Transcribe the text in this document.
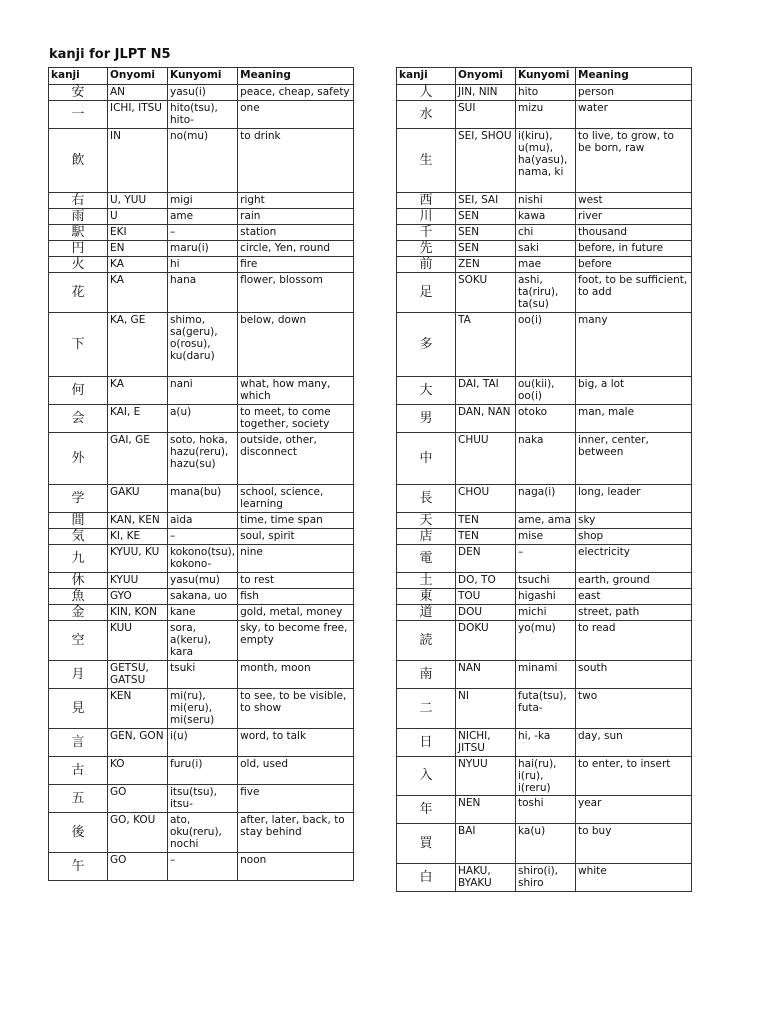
kanji for JLPT N5
kanji	Onyomi	Kunyomi	Meaning
安	AN	yasu(i)	peace, cheap, safety
一	ICHI, ITSU	hito(tsu), hito-	one
飲	IN	no(mu)	to drink
右	U, YUU	migi	right
雨	U	ame	rain
駅	EKI	–	station
円	EN	maru(i)	circle, Yen, round
火	KA	hi	fire
花	KA	hana	flower, blossom
下	KA, GE	shimo, sa(geru), o(rosu), ku(daru)	below, down
何	KA	nani	what, how many, which
会	KAI, E	a(u)	to meet, to come together, society
外	GAI, GE	soto, hoka, hazu(reru), hazu(su)	outside, other, disconnect
学	GAKU	mana(bu)	school, science, learning
間	KAN, KEN	aida	time, time span
気	KI, KE	–	soul, spirit
九	KYUU, KU	kokono(tsu), kokono-	nine
休	KYUU	yasu(mu)	to rest
魚	GYO	sakana, uo	fish
金	KIN, KON	kane	gold, metal, money
空	KUU	sora, a(keru), kara	sky, to become free, empty
月	GETSU, GATSU	tsuki	month, moon
見	KEN	mi(ru), mi(eru), mi(seru)	to see, to be visible, to show
言	GEN, GON	i(u)	word, to talk
古	KO	furu(i)	old, used
五	GO	itsu(tsu), itsu-	five
後	GO, KOU	ato, oku(reru), nochi	after, later, back, to stay behind
午	GO	–	noon
kanji	Onyomi	Kunyomi	Meaning
人	JIN, NIN	hito	person
水	SUI	mizu	water
生	SEI, SHOU	i(kiru), u(mu), ha(yasu), nama, ki	to live, to grow, to be born, raw
西	SEI, SAI	nishi	west
川	SEN	kawa	river
千	SEN	chi	thousand
先	SEN	saki	before, in future
前	ZEN	mae	before
足	SOKU	ashi, ta(riru), ta(su)	foot, to be sufficient, to add
多	TA	oo(i)	many
大	DAI, TAI	ou(kii), oo(i)	big, a lot
男	DAN, NAN	otoko	man, male
中	CHUU	naka	inner, center, between
長	CHOU	naga(i)	long, leader
天	TEN	ame, ama	sky
店	TEN	mise	shop
電	DEN	–	electricity
土	DO, TO	tsuchi	earth, ground
東	TOU	higashi	east
道	DOU	michi	street, path
読	DOKU	yo(mu)	to read
南	NAN	minami	south
二	NI	futa(tsu), futa-	two
日	NICHI, JITSU	hi, -ka	day, sun
入	NYUU	hai(ru), i(ru), i(reru)	to enter, to insert
年	NEN	toshi	year
買	BAI	ka(u)	to buy
白	HAKU, BYAKU	shiro(i), shiro	white
